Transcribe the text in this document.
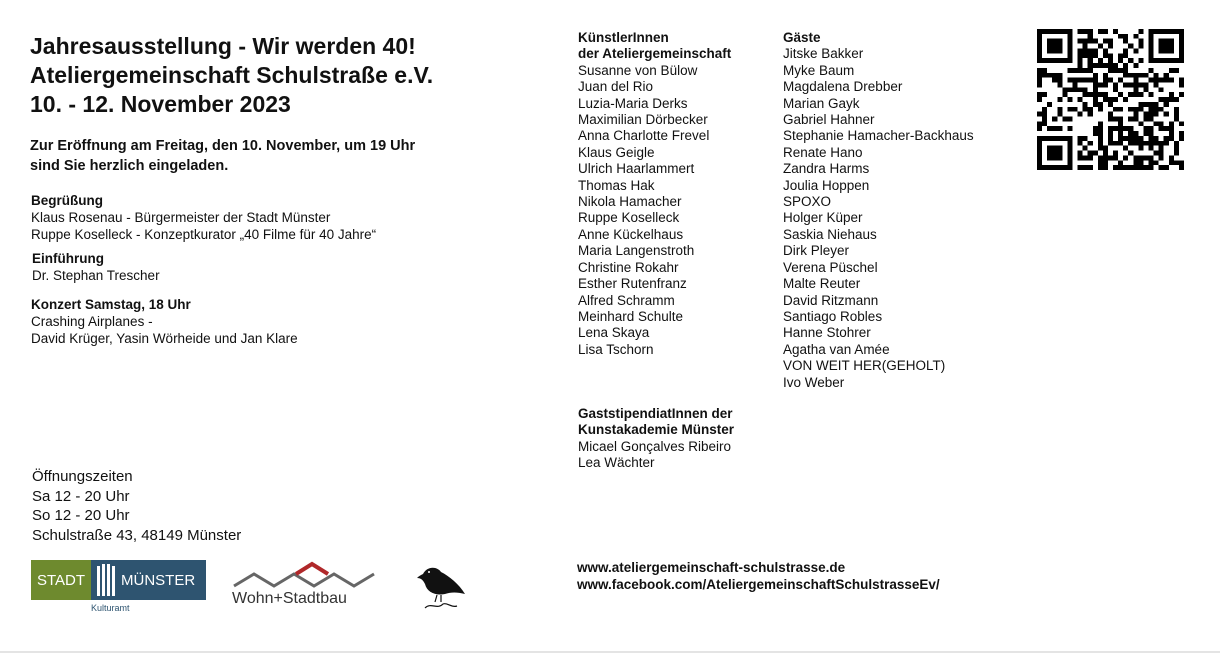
Jahresausstellung - Wir werden 40!
Ateliergemeinschaft Schulstraße e.V.
10. - 12. November 2023
Zur Eröffnung am Freitag, den 10. November, um 19 Uhr
sind Sie herzlich eingeladen.
Begrüßung
Klaus Rosenau - Bürgermeister der Stadt Münster
Ruppe Koselleck - Konzeptkurator „40 Filme für 40 Jahre“
Einführung
Dr. Stephan Trescher
Konzert Samstag, 18 Uhr
Crashing Airplanes -
David Krüger, Yasin Wörheide und Jan Klare
Öffnungszeiten
Sa 12 - 20 Uhr
So 12 - 20 Uhr
Schulstraße 43, 48149 Münster
KünstlerInnen
der Ateliergemeinschaft
Susanne von Bülow
Juan del Rio
Luzia-Maria Derks
Maximilian Dörbecker
Anna Charlotte Frevel
Klaus Geigle
Ulrich Haarlammert
Thomas Hak
Nikola Hamacher
Ruppe Koselleck
Anne Kückelhaus
Maria Langenstroth
Christine Rokahr
Esther Rutenfranz
Alfred Schramm
Meinhard Schulte
Lena Skaya
Lisa Tschorn
GaststipendiatInnen der
Kunstakademie Münster
Micael Gonçalves Ribeiro
Lea Wächter
Gäste
Jitske Bakker
Myke Baum
Magdalena Drebber
Marian Gayk
Gabriel Hahner
Stephanie Hamacher-Backhaus
Renate Hano
Zandra Harms
Joulia Hoppen
SPOXO
Holger Küper
Saskia Niehaus
Dirk Pleyer
Verena Püschel
Malte Reuter
David Ritzmann
Santiago Robles
Hanne Stohrer
Agatha van Amée
VON WEIT HER(GEHOLT)
Ivo Weber
www.ateliergemeinschaft-schulstrasse.de
www.facebook.com/AteliergemeinschaftSchulstrasseEv/
STADT	MÜNSTER
Kulturamt
Wohn+Stadtbau
